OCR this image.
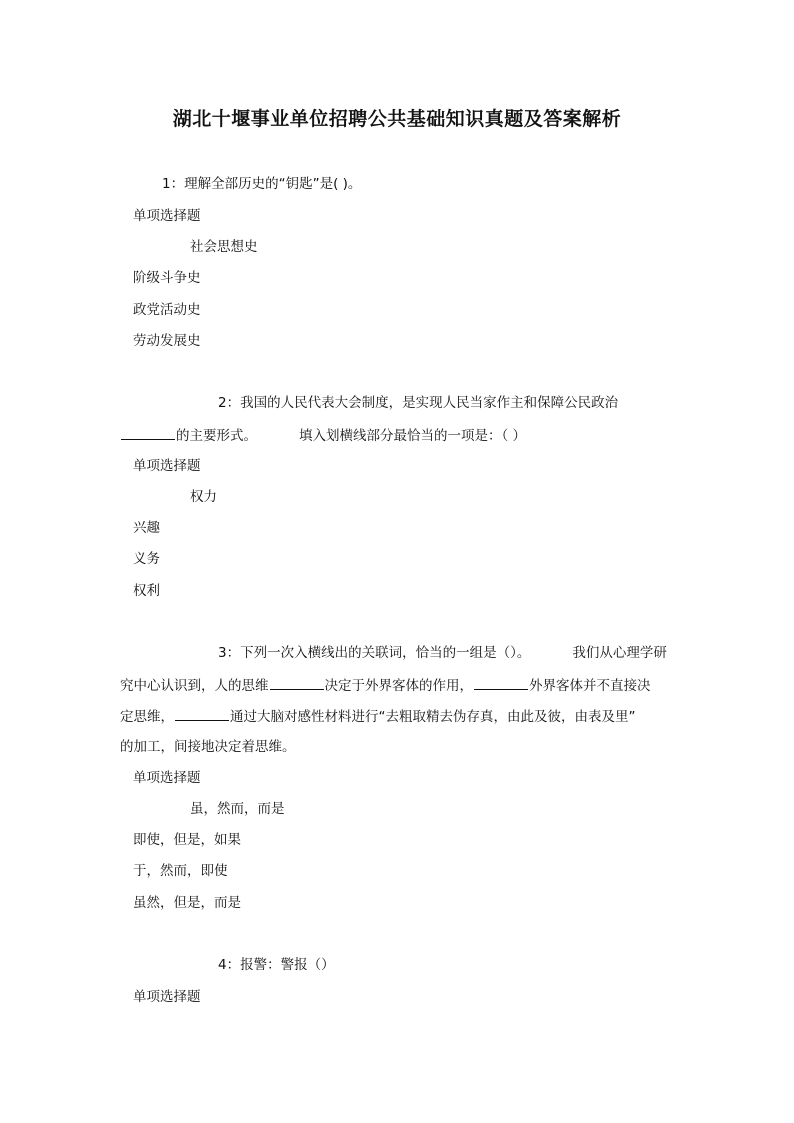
湖北十堰事业单位招聘公共基础知识真题及答案解析
1：理解全部历史的“钥匙”是( )。
单项选择题
社会思想史
阶级斗争史
政党活动史
劳动发展史
2：我国的人民代表大会制度，是实现人民当家作主和保障公民政治
的主要形式。	填入划横线部分最恰当的一项是：（ ）
单项选择题
权力
兴趣
义务
权利
3：下列一次入横线出的关联词，恰当的一组是（）。	我们从心理学研
究中心认识到，人的思维	决定于外界客体的作用，	外界客体并不直接决
定思维，	通过大脑对感性材料进行“去粗取精去伪存真，由此及彼，由表及里”
的加工，间接地决定着思维。
单项选择题
虽，然而，而是
即使，但是，如果
于，然而，即使
虽然，但是，而是
4：报警：警报（）
单项选择题
